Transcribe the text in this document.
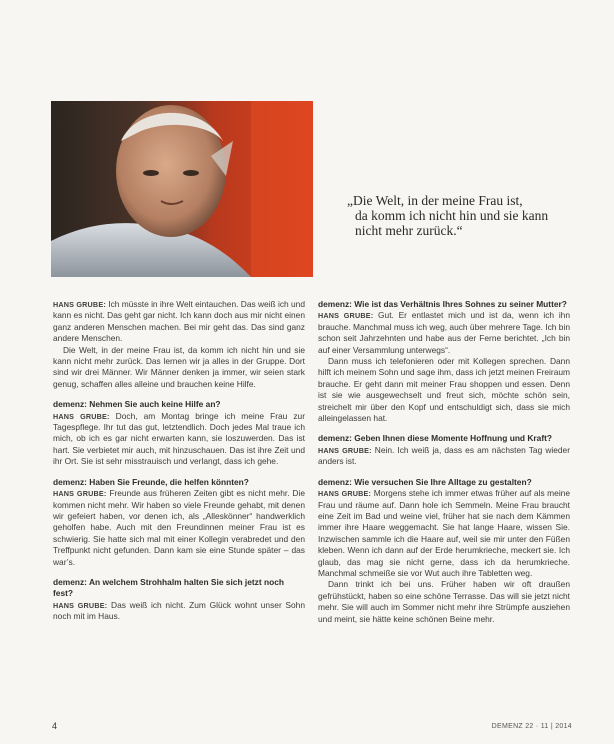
„Die Welt, in der meine Frau ist,
da komm ich nicht hin und sie kann
nicht mehr zurück.“

HANS GRUBE: Ich müsste in ihre Welt eintauchen. Das weiß ich und kann es nicht. Das geht gar nicht. Ich kann doch aus mir nicht einen ganz anderen Menschen machen. Bei mir geht das. Das sind ganz andere Menschen.

Die Welt, in der meine Frau ist, da komm ich nicht hin und sie kann nicht mehr zurück. Das lernen wir ja alles in der Gruppe. Dort sind wir drei Männer. Wir Männer denken ja immer, wir seien stark genug, schaffen alles alleine und brauchen keine Hilfe.

demenz: Nehmen Sie auch keine Hilfe an?

HANS GRUBE: Doch, am Montag bringe ich meine Frau zur Tagespflege. Ihr tut das gut, letztendlich. Doch jedes Mal traue ich mich, ob ich es gar nicht erwarten kann, sie loszuwerden. Das ist hart. Sie verbietet mir auch, mit hinzuschauen. Das ist ihre Zeit und ihr Ort. Sie ist sehr misstrauisch und verlangt, dass ich gehe.

demenz: Haben Sie Freunde, die helfen könnten?

HANS GRUBE: Freunde aus früheren Zeiten gibt es nicht mehr. Die kommen nicht mehr. Wir haben so viele Freunde gehabt, mit denen wir gefeiert haben, vor denen ich, als „Alleskönner“ handwerklich geholfen habe. Auch mit den Freundinnen meiner Frau ist es schwierig. Sie hatte sich mal mit einer Kollegin verabredet und den Treffpunkt nicht gefunden. Dann kam sie eine Stunde später – das war’s.

demenz: An welchem Strohhalm halten Sie sich jetzt noch fest?

HANS GRUBE: Das weiß ich nicht. Zum Glück wohnt unser Sohn noch mit im Haus.

demenz: Wie ist das Verhältnis Ihres Sohnes zu seiner Mutter?

HANS GRUBE: Gut. Er entlastet mich und ist da, wenn ich ihn brauche. Manchmal muss ich weg, auch über mehrere Tage. Ich bin schon seit Jahrzehnten und habe aus der Ferne berichtet. „Ich bin auf einer Versammlung unterwegs“.

Dann muss ich telefonieren oder mit Kollegen sprechen. Dann hilft ich meinem Sohn und sage ihm, dass ich jetzt meinen Freiraum brauche. Er geht dann mit meiner Frau shoppen und essen. Denn ist sie wie ausgewechselt und freut sich, möchte schön sein, streichelt mir über den Kopf und entschuldigt sich, dass sie mich alleingelassen hat.

demenz: Geben Ihnen diese Momente Hoffnung und Kraft?

HANS GRUBE: Nein. Ich weiß ja, dass es am nächsten Tag wieder anders ist.

demenz: Wie versuchen Sie Ihre Alltage zu gestalten?

HANS GRUBE: Morgens stehe ich immer etwas früher auf als meine Frau und räume auf. Dann hole ich Semmeln. Meine Frau braucht eine Zeit im Bad und weine viel, früher hat sie nach dem Kämmen immer ihre Haare weggemacht. Sie hat lange Haare, wissen Sie. Inzwischen sammle ich die Haare auf, weil sie mir unter den Füßen kleben. Wenn ich dann auf der Erde herumkrieche, meckert sie. Ich glaub, das mag sie nicht gerne, dass ich da herumkrieche. Manchmal schmeiße sie vor Wut auch ihre Tabletten weg.

Dann trinkt ich bei uns. Früher haben wir oft draußen gefrühstückt, haben so eine schöne Terrasse. Das will sie jetzt nicht mehr. Sie will auch im Sommer nicht mehr ihre Strümpfe ausziehen und meint, sie hätte keine schönen Beine mehr.

4	DEMENZ 22 · 11 | 2014
